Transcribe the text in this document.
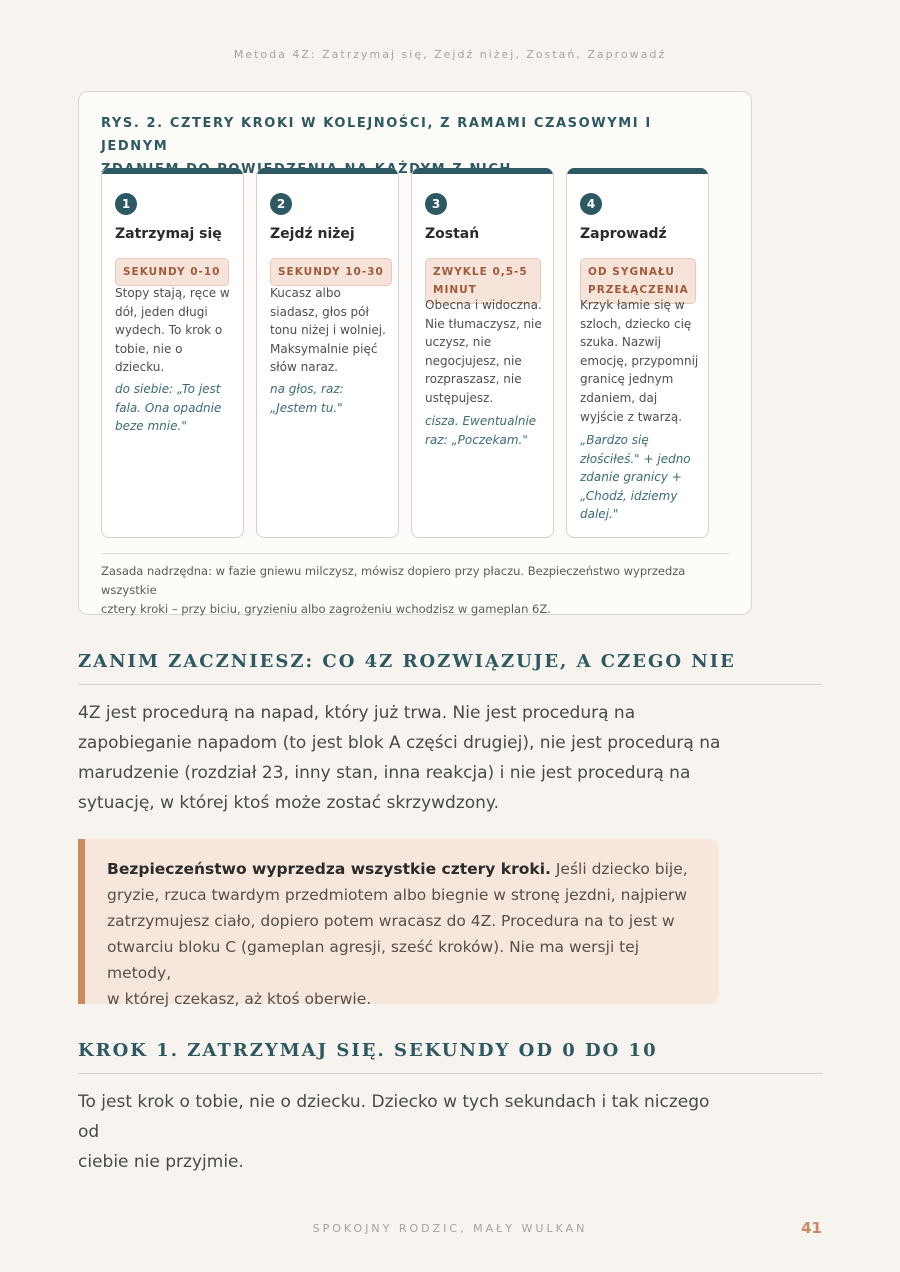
Metoda 4Z: Zatrzymaj się, Zejdź niżej, Zostań, Zaprowadź
RYS. 2. CZTERY KROKI W KOLEJNOŚCI, Z RAMAMI CZASOWYMI I JEDNYM
KAŻDYM
1
Zatrzymaj się
SEKUNDY 0-10
Stopy stają, ręce w
dół, jeden długi
wydech. To krok o
tobie, nie o
dziecku.
do siebie: „To jest
fala. Ona opadnie
beze mnie."
2
Zejdź niżej
SEKUNDY 10-30
Kucasz albo
siadasz, głos pół
tonu niżej i wolniej.
Maksymalnie pięć
słów naraz.
na głos, raz:
„Jestem tu."
3
Zostań
ZWYKLE 0,5-5
MINUT
Obecna i widoczna.
Nie tłumaczysz, nie
uczysz, nie
negocjujesz, nie
rozpraszasz, nie
ustępujesz.
cisza. Ewentualnie
raz: „Poczekam."
4
Zaprowadź
OD SYGNAŁU
PRZEŁĄCZENIA
Krzyk łamie się w
szloch, dziecko cię
szuka. Nazwij
emocję, przypomnij
granicę jednym
zdaniem, daj
wyjście z twarzą.
„Bardzo się
złościłeś." + jedno
zdanie granicy +
„Chodź, idziemy
dalej."
Zasada nadrzędna: w fazie gniewu milczysz, mówisz dopiero przy płaczu. Bezpieczeństwo wyprzedza wszystkie
cztery kroki – przy biciu, gryzieniu albo zagrożeniu wchodzisz w gameplan 6Z.
ZANIM ZACZNIESZ: CO 4Z ROZWIĄZUJE, A CZEGO NIE
4Z jest procedurą na napad, który już trwa. Nie jest procedurą na
zapobieganie napadom (to jest blok A części drugiej), nie jest procedurą na
marudzenie (rozdział 23, inny stan, inna reakcja) i nie jest procedurą na
sytuację, w której ktoś może zostać skrzywdzony.
Bezpieczeństwo wyprzedza wszystkie cztery kroki. Jeśli dziecko bije,
gryzie, rzuca twardym przedmiotem albo biegnie w stronę jezdni, najpierw
zatrzymujesz ciało, dopiero potem wracasz do 4Z. Procedura na to jest w
otwarciu bloku C (gameplan agresji, sześć kroków). Nie ma wersji tej metody,
w której czekasz, aż ktoś oberwie.
KROK 1. ZATRZYMAJ SIĘ. SEKUNDY OD 0 DO 10
To jest krok o tobie, nie o dziecku. Dziecko w tych sekundach i tak niczego od
ciebie nie przyjmie.
SPOKOJNY RODZIC, MAŁY WULKAN	41
